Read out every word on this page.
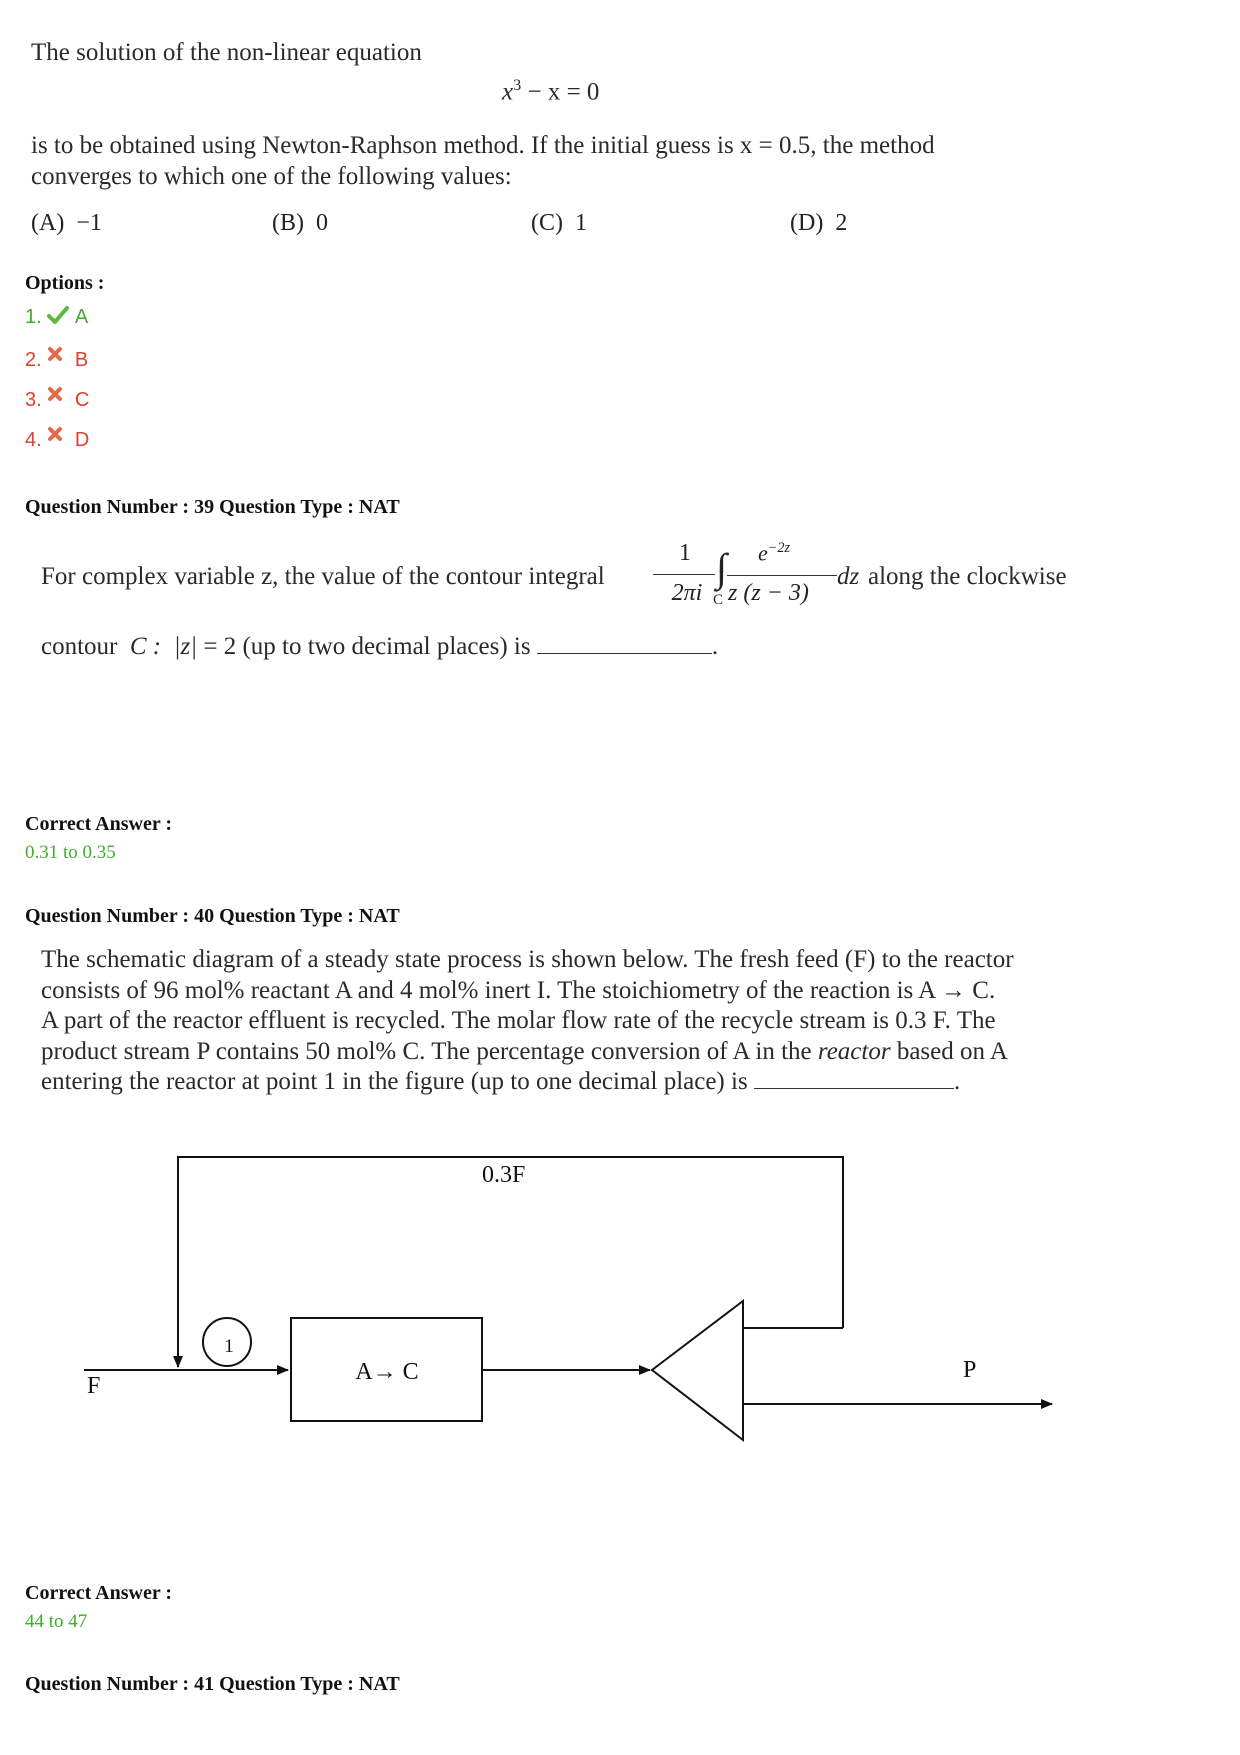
The solution of the non-linear equation
$x^3 - x = 0$
is to be obtained using Newton-Raphson method. If the initial guess is x = 0.5, the method
converges to which one of the following values:
(A) −1	(B) 0	(C) 1	(D) 2
Options :
1. A
2. B
3. C
4. D
Question Number : 39 Question Type : NAT
For complex variable z, the value of the contour integral
1
2πi
∫
C
$e^{-2z}$
z (z − 3)
dz along the clockwise
contour C : |z| = 2 (up to two decimal places) is	.
Correct Answer :
0.31 to 0.35
Question Number : 40 Question Type : NAT
The schematic diagram of a steady state process is shown below. The fresh feed (F) to the reactor
consists of 96 mol% reactant A and 4 mol% inert I. The stoichiometry of the reaction is A → C.
A part of the reactor effluent is recycled. The molar flow rate of the recycle stream is 0.3 F. The
product stream P contains 50 mol% C. The percentage conversion of A in the reactor based on A
entering the reactor at point 1 in the figure (up to one decimal place) is	.
0.3F
1
A→ C
F
P
Correct Answer :
44 to 47
Question Number : 41 Question Type : NAT
